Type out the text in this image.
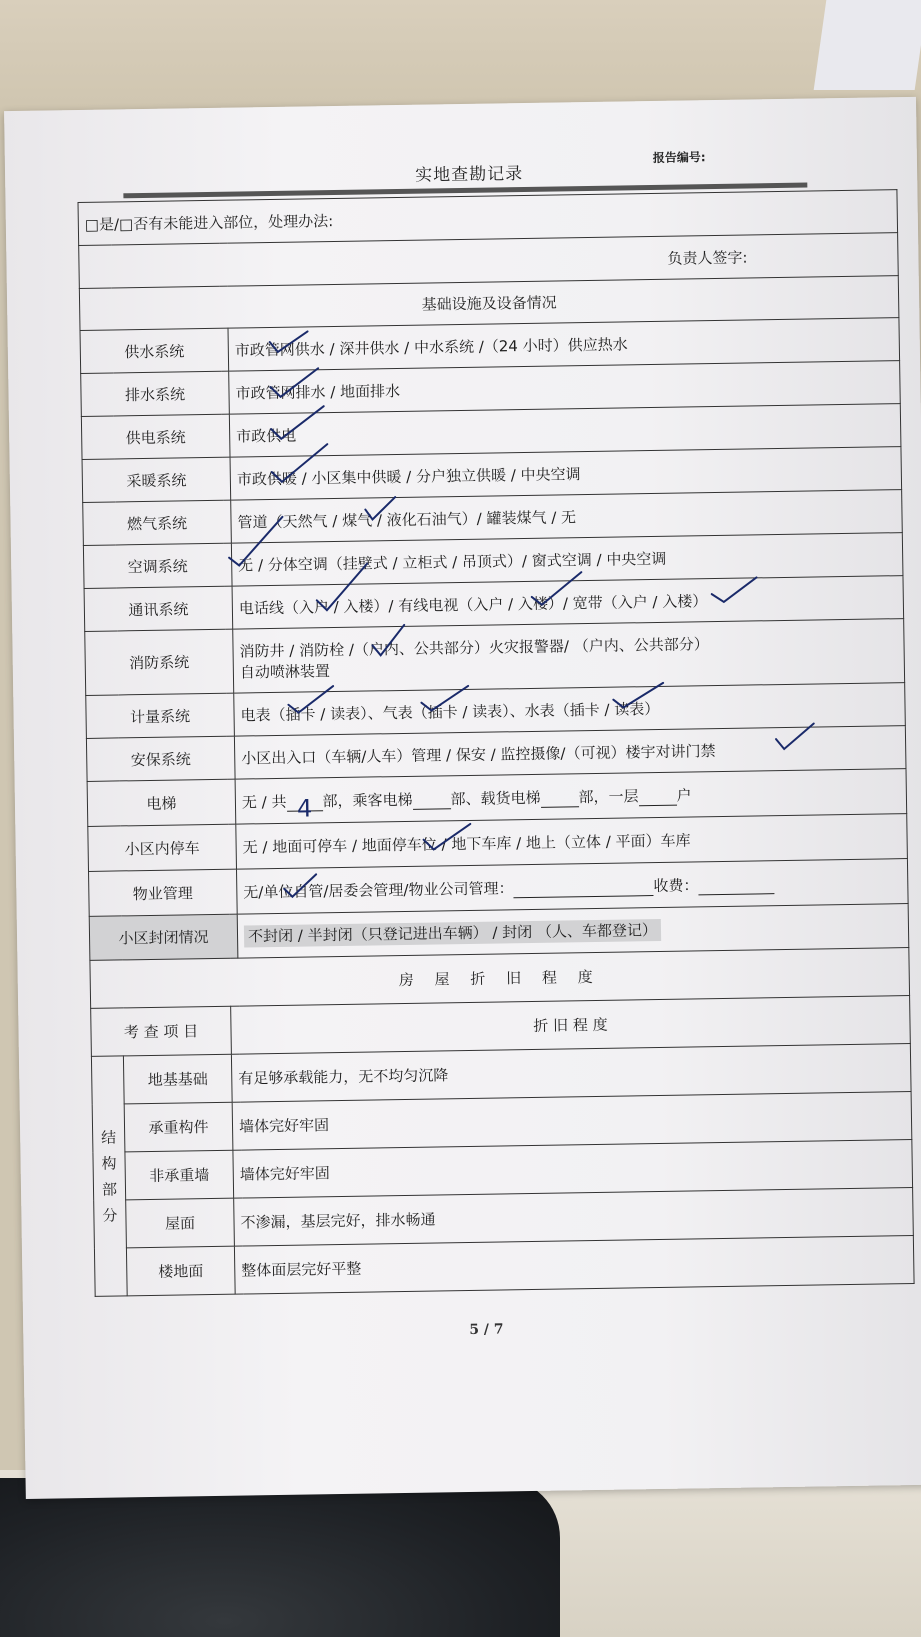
实地查勘记录
报告编号:
□是/□否有未能进入部位，处理办法:			
负责人签字:			
基础设施及设备情况			
供水系统			市政管网供水 / 深井供水 / 中水系统 /（24 小时）供应热水
排水系统			市政管网排水 / 地面排水
供电系统			市政供电
采暖系统			市政供暖 / 小区集中供暖 / 分户独立供暖 / 中央空调
燃气系统			管道（天然气 / 煤气 / 液化石油气）/ 罐装煤气 / 无
空调系统			无 / 分体空调（挂壁式 / 立柜式 / 吊顶式）/ 窗式空调 / 中央空调
通讯系统			电话线（入户 / 入楼）/ 有线电视（入户 / 入楼）/ 宽带（入户 / 入楼）
消防系统			消防井 / 消防栓 /（户内、公共部分）火灾报警器/ （户内、公共部分）
自动喷淋装置

计量系统			电表（插卡 / 读表）、气表（插卡 / 读表）、水表（插卡 / 读表）
安保系统			小区出入口（车辆/人车）管理 / 保安 / 监控摄像/（可视）楼宇对讲门禁
电梯			无 / 共 4 部，乘客电梯 部、载货电梯 部，一层 户
小区内停车			无 / 地面可停车 / 地面停车位 / 地下车库 / 地上（立体 / 平面）车库
物业管理			无/单位自管/居委会管理/物业公司管理： 收费：
小区封闭情况			不封闭 / 半封闭（只登记进出车辆） / 封闭 （人、车都登记）
房 屋 折 旧 程 度			
考 查 项 目		折 旧 程 度	

结
构
部
分	地基基础	有足够承载能力，无不均匀沉降	
	承重构件	墙体完好牢固	
	非承重墙	墙体完好牢固	
	屋面	不渗漏，基层完好，排水畅通	
	楼地面	整体面层完好平整	
5 / 7
